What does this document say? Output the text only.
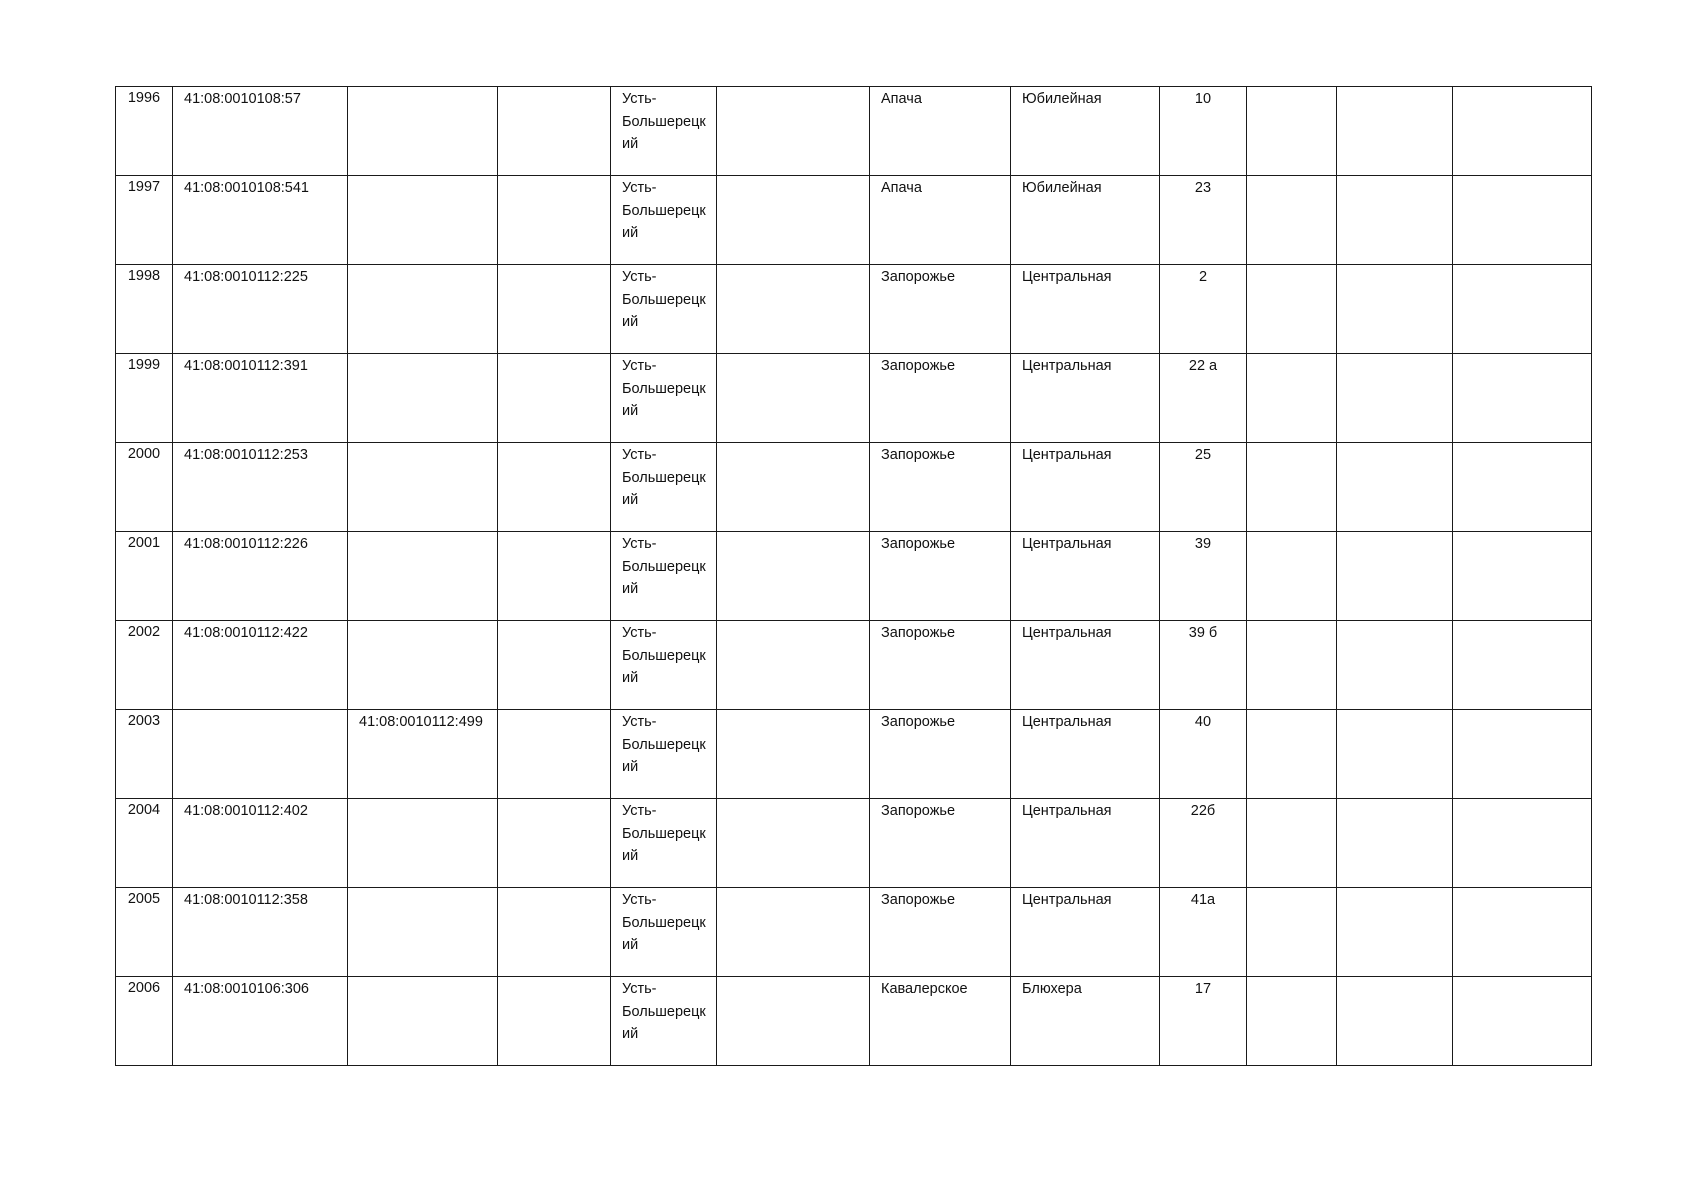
1996	41:08:0010108:57			Усть-Большерецкий		Апача	Юбилейная	10			

1997	41:08:0010108:541			Усть-Большерецкий		Апача	Юбилейная	23			

1998	41:08:0010112:225			Усть-Большерецкий		Запорожье	Центральная	2			

1999	41:08:0010112:391			Усть-Большерецкий		Запорожье	Центральная	22 а			

2000	41:08:0010112:253			Усть-Большерецкий		Запорожье	Центральная	25			

2001	41:08:0010112:226			Усть-Большерецкий		Запорожье	Центральная	39			

2002	41:08:0010112:422			Усть-Большерецкий		Запорожье	Центральная	39 б			

2003		41:08:0010112:499		Усть-Большерецкий		Запорожье	Центральная	40			

2004	41:08:0010112:402			Усть-Большерецкий		Запорожье	Центральная	22б			

2005	41:08:0010112:358			Усть-Большерецкий		Запорожье	Центральная	41а			

2006	41:08:0010106:306			Усть-Большерецкий		Кавалерское	Блюхера	17			
